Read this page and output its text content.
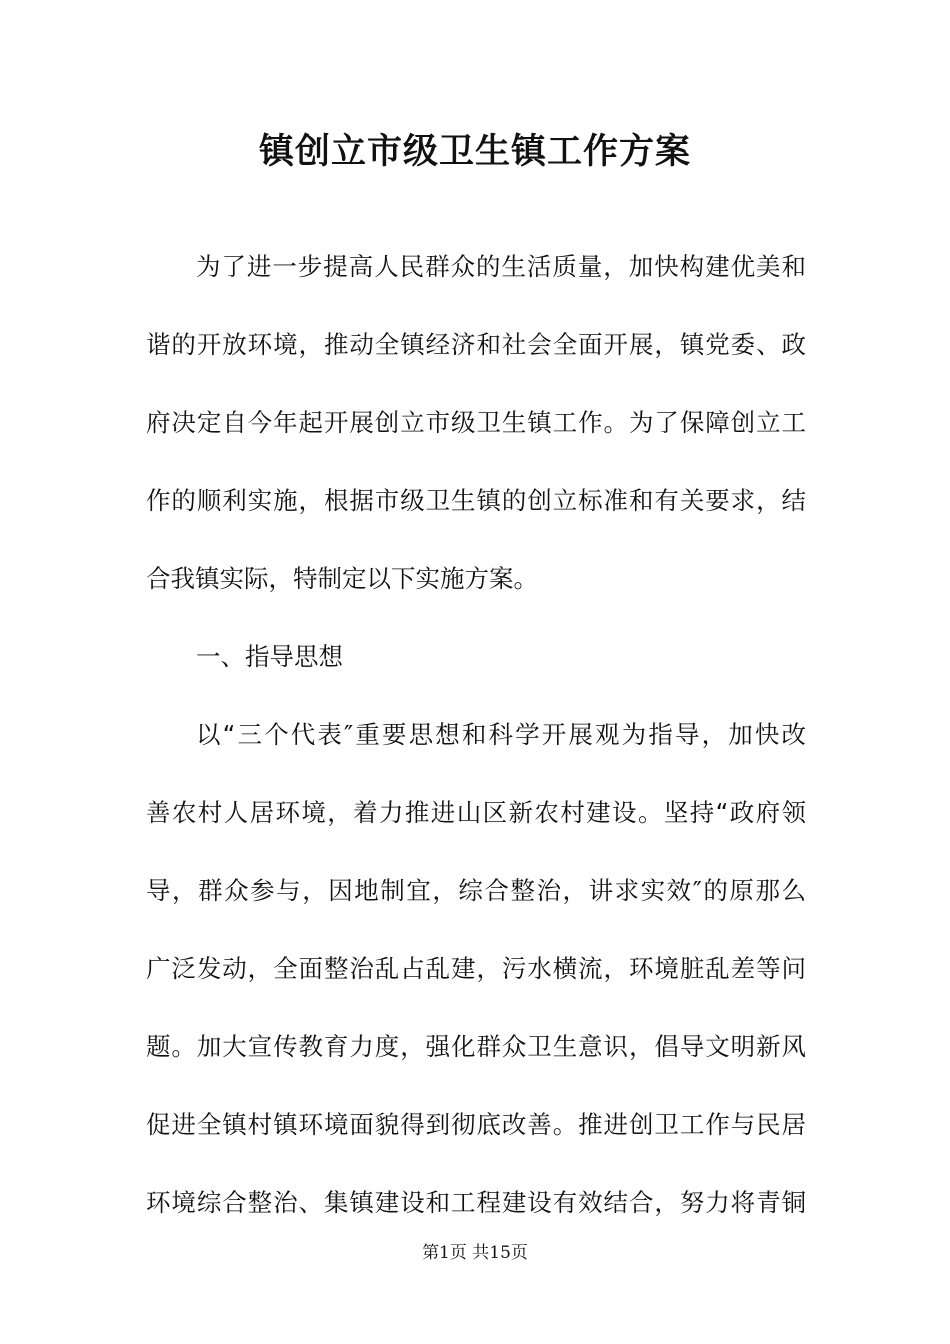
镇创立市级卫生镇工作方案
为了进一步提高人民群众的生活质量，加快构建优美和
谐的开放环境，推动全镇经济和社会全面开展，镇党委、政
府决定自今年起开展创立市级卫生镇工作。为了保障创立工
作的顺利实施，根据市级卫生镇的创立标准和有关要求，结
合我镇实际，特制定以下实施方案。
一、指导思想
以“三个代表″重要思想和科学开展观为指导，加快改
善农村人居环境，着力推进山区新农村建设。坚持“政府领
导，群众参与，因地制宜，综合整治，讲求实效″的原那么
广泛发动，全面整治乱占乱建，污水横流，环境脏乱差等问
题。加大宣传教育力度，强化群众卫生意识，倡导文明新风
促进全镇村镇环境面貌得到彻底改善。推进创卫工作与民居
环境综合整治、集镇建设和工程建设有效结合，努力将青铜
第1页 共15页
